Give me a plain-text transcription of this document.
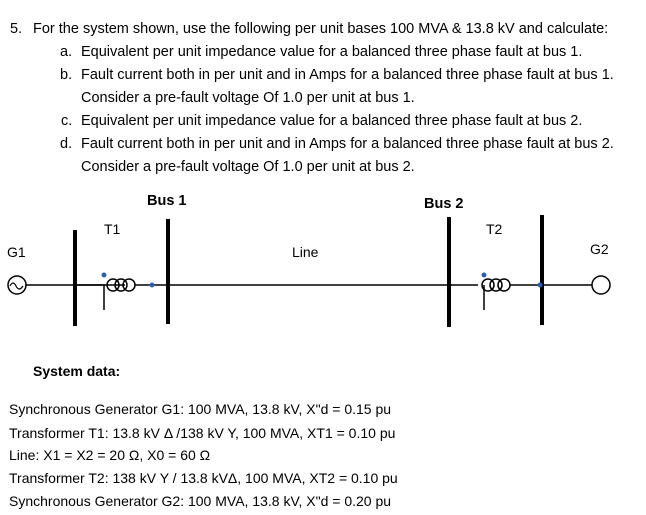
5. For the system shown, use the following per unit bases 100 MVA & 13.8 kV and calculate:
a. Equivalent per unit impedance value for a balanced three phase fault at bus 1.
b. Fault current both in per unit and in Amps for a balanced three phase fault at bus 1.
Consider a pre-fault voltage Of 1.0 per unit at bus 1.
c. Equivalent per unit impedance value for a balanced three phase fault at bus 2.
d. Fault current both in per unit and in Amps for a balanced three phase fault at bus 2.
Consider a pre-fault voltage Of 1.0 per unit at bus 2.
Bus 1	Bus 2
T1	T2
G1	G2
Line
System data:
Synchronous Generator G1: 100 MVA, 13.8 kV, X"d = 0.15 pu
Transformer T1: 13.8 kV Δ /138 kV Y, 100 MVA, XT1 = 0.10 pu
Line: X1 = X2 = 20 Ω, X0 = 60 Ω
Transformer T2: 138 kV Y / 13.8 kVΔ, 100 MVA, XT2 = 0.10 pu
Synchronous Generator G2: 100 MVA, 13.8 kV, X"d = 0.20 pu
